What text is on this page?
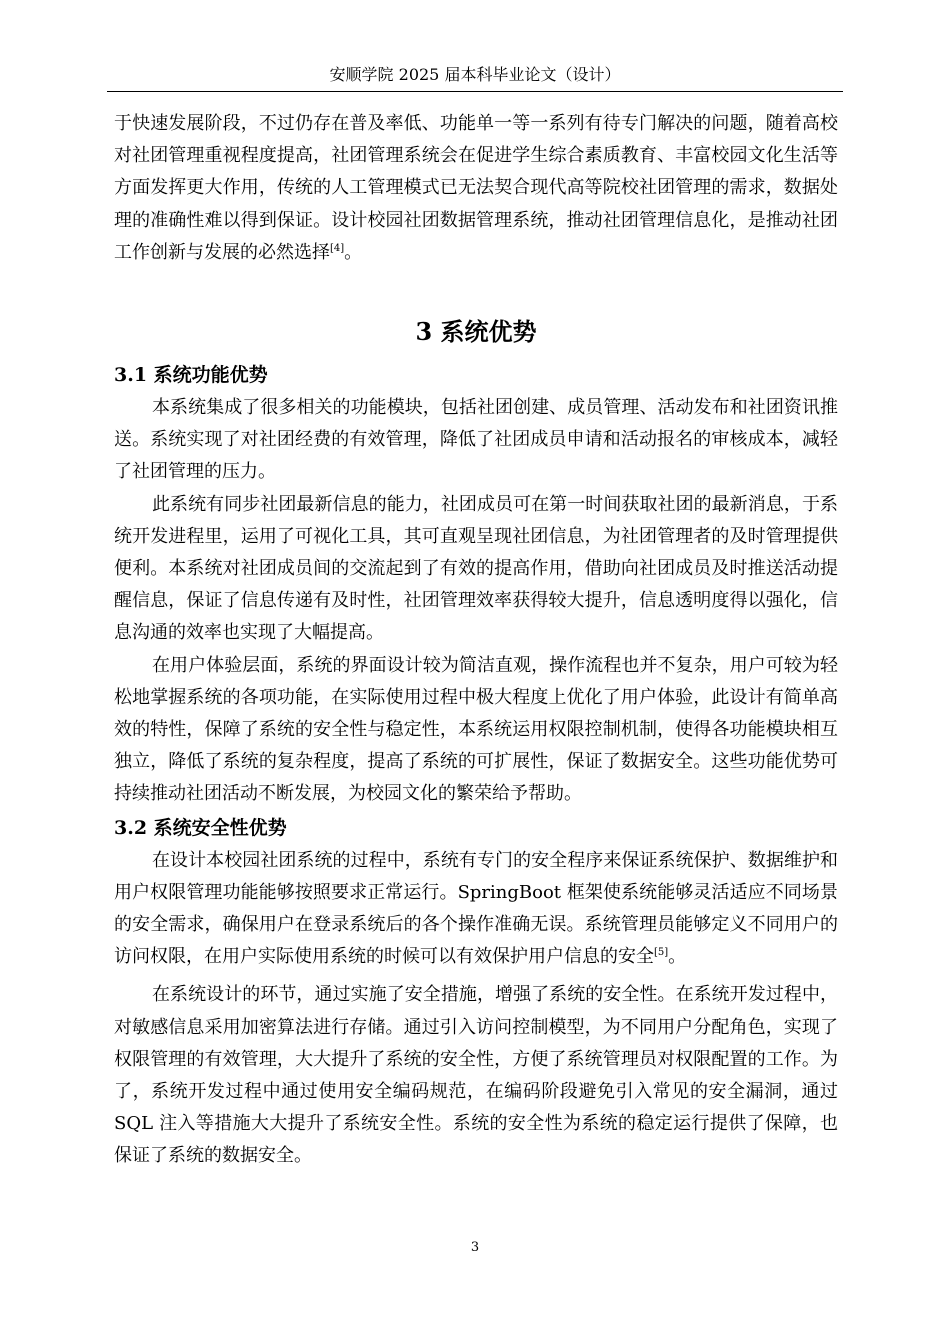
安顺学院 2025 届本科毕业论文（设计）

于快速发展阶段，不过仍存在普及率低、功能单一等一系列有待专门解决的问题，随着高校对社团管理重视程度提高，社团管理系统会在促进学生综合素质教育、丰富校园文化生活等方面发挥更大作用，传统的人工管理模式已无法契合现代高等院校社团管理的需求，数据处理的准确性难以得到保证。设计校园社团数据管理系统，推动社团管理信息化，是推动社团工作创新与发展的必然选择[4]。

3 系统优势
3.1 系统功能优势

本系统集成了很多相关的功能模块，包括社团创建、成员管理、活动发布和社团资讯推送。系统实现了对社团经费的有效管理，降低了社团成员申请和活动报名的审核成本，减轻了社团管理的压力。

此系统有同步社团最新信息的能力，社团成员可在第一时间获取社团的最新消息，于系统开发进程里，运用了可视化工具，其可直观呈现社团信息，为社团管理者的及时管理提供便利。本系统对社团成员间的交流起到了有效的提高作用，借助向社团成员及时推送活动提醒信息，保证了信息传递有及时性，社团管理效率获得较大提升，信息透明度得以强化，信息沟通的效率也实现了大幅提高。

在用户体验层面，系统的界面设计较为简洁直观，操作流程也并不复杂，用户可较为轻松地掌握系统的各项功能，在实际使用过程中极大程度上优化了用户体验，此设计有简单高效的特性，保障了系统的安全性与稳定性，本系统运用权限控制机制，使得各功能模块相互独立，降低了系统的复杂程度，提高了系统的可扩展性，保证了数据安全。这些功能优势可持续推动社团活动不断发展，为校园文化的繁荣给予帮助。

3.2 系统安全性优势

在设计本校园社团系统的过程中，系统有专门的安全程序来保证系统保护、数据维护和用户权限管理功能能够按照要求正常运行。SpringBoot 框架使系统能够灵活适应不同场景的安全需求，确保用户在登录系统后的各个操作准确无误。系统管理员能够定义不同用户的访问权限，在用户实际使用系统的时候可以有效保护用户信息的安全[5]。

在系统设计的环节，通过实施了安全措施，增强了系统的安全性。在系统开发过程中，对敏感信息采用加密算法进行存储。通过引入访问控制模型，为不同用户分配角色，实现了权限管理的有效管理，大大提升了系统的安全性，方便了系统管理员对权限配置的工作。为了，系统开发过程中通过使用安全编码规范，在编码阶段避免引入常见的安全漏洞，通过 SQL 注入等措施大大提升了系统安全性。系统的安全性为系统的稳定运行提供了保障，也保证了系统的数据安全。

3
